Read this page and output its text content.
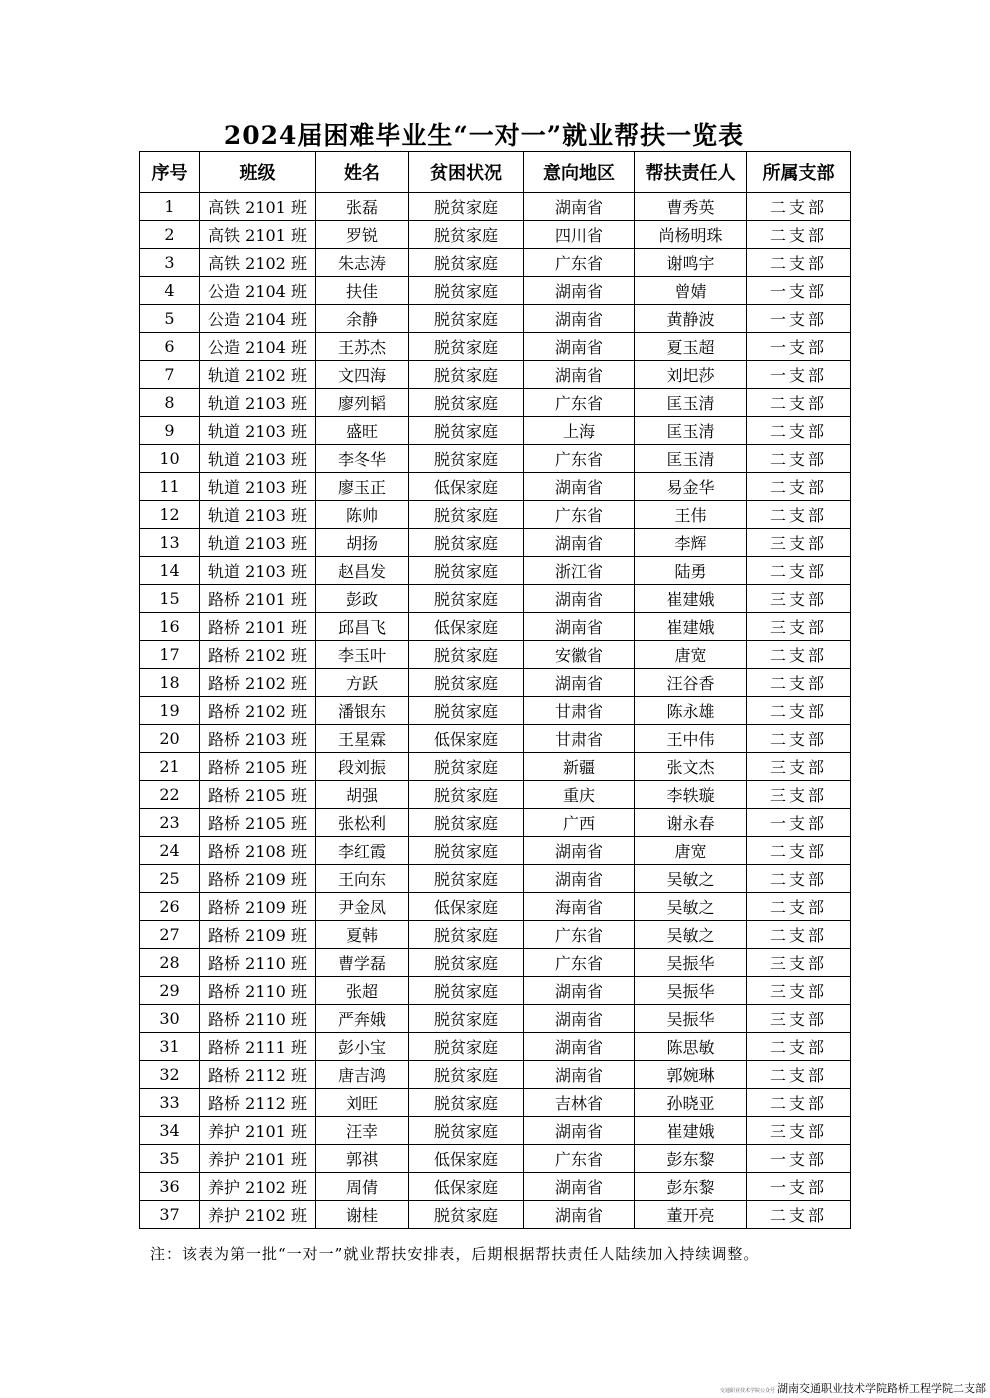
2024届困难毕业生“一对一”就业帮扶一览表
序号	班级	姓名	贫困状况	意向地区	帮扶责任人	所属支部
1	高铁 2101 班	张磊	脱贫家庭	湖南省	曹秀英	二支部
2	高铁 2101 班	罗锐	脱贫家庭	四川省	尚杨明珠	二支部
3	高铁 2102 班	朱志涛	脱贫家庭	广东省	谢鸣宇	二支部
4	公造 2104 班	扶佳	脱贫家庭	湖南省	曾婧	一支部
5	公造 2104 班	余静	脱贫家庭	湖南省	黄静波	一支部
6	公造 2104 班	王苏杰	脱贫家庭	湖南省	夏玉超	一支部
7	轨道 2102 班	文四海	脱贫家庭	湖南省	刘圯莎	一支部
8	轨道 2103 班	廖列韬	脱贫家庭	广东省	匡玉清	二支部
9	轨道 2103 班	盛旺	脱贫家庭	上海	匡玉清	二支部
10	轨道 2103 班	李冬华	脱贫家庭	广东省	匡玉清	二支部
11	轨道 2103 班	廖玉正	低保家庭	湖南省	易金华	二支部
12	轨道 2103 班	陈帅	脱贫家庭	广东省	王伟	二支部
13	轨道 2103 班	胡扬	脱贫家庭	湖南省	李辉	三支部
14	轨道 2103 班	赵昌发	脱贫家庭	浙江省	陆勇	二支部
15	路桥 2101 班	彭政	脱贫家庭	湖南省	崔建娥	三支部
16	路桥 2101 班	邱昌飞	低保家庭	湖南省	崔建娥	三支部
17	路桥 2102 班	李玉叶	脱贫家庭	安徽省	唐宽	二支部
18	路桥 2102 班	方跃	脱贫家庭	湖南省	汪谷香	二支部
19	路桥 2102 班	潘银东	脱贫家庭	甘肃省	陈永雄	二支部
20	路桥 2103 班	王星霖	低保家庭	甘肃省	王中伟	二支部
21	路桥 2105 班	段刘振	脱贫家庭	新疆	张文杰	三支部
22	路桥 2105 班	胡强	脱贫家庭	重庆	李轶璇	三支部
23	路桥 2105 班	张松利	脱贫家庭	广西	谢永春	一支部
24	路桥 2108 班	李红霞	脱贫家庭	湖南省	唐宽	二支部
25	路桥 2109 班	王向东	脱贫家庭	湖南省	吴敏之	二支部
26	路桥 2109 班	尹金凤	低保家庭	海南省	吴敏之	二支部
27	路桥 2109 班	夏韩	脱贫家庭	广东省	吴敏之	二支部
28	路桥 2110 班	曹学磊	脱贫家庭	广东省	吴振华	三支部
29	路桥 2110 班	张超	脱贫家庭	湖南省	吴振华	三支部
30	路桥 2110 班	严奔娥	脱贫家庭	湖南省	吴振华	三支部
31	路桥 2111 班	彭小宝	脱贫家庭	湖南省	陈思敏	二支部
32	路桥 2112 班	唐吉鸿	脱贫家庭	湖南省	郭婉琳	二支部
33	路桥 2112 班	刘旺	脱贫家庭	吉林省	孙晓亚	二支部
34	养护 2101 班	汪幸	脱贫家庭	湖南省	崔建娥	三支部
35	养护 2101 班	郭祺	低保家庭	广东省	彭东黎	一支部
36	养护 2102 班	周倩	低保家庭	湖南省	彭东黎	一支部
37	养护 2102 班	谢桂	脱贫家庭	湖南省	董开亮	二支部
注：该表为第一批“一对一”就业帮扶安排表，后期根据帮扶责任人陆续加入持续调整。
交通职业技术学院公众号 湖南交通职业技术学院路桥工程学院二支部
